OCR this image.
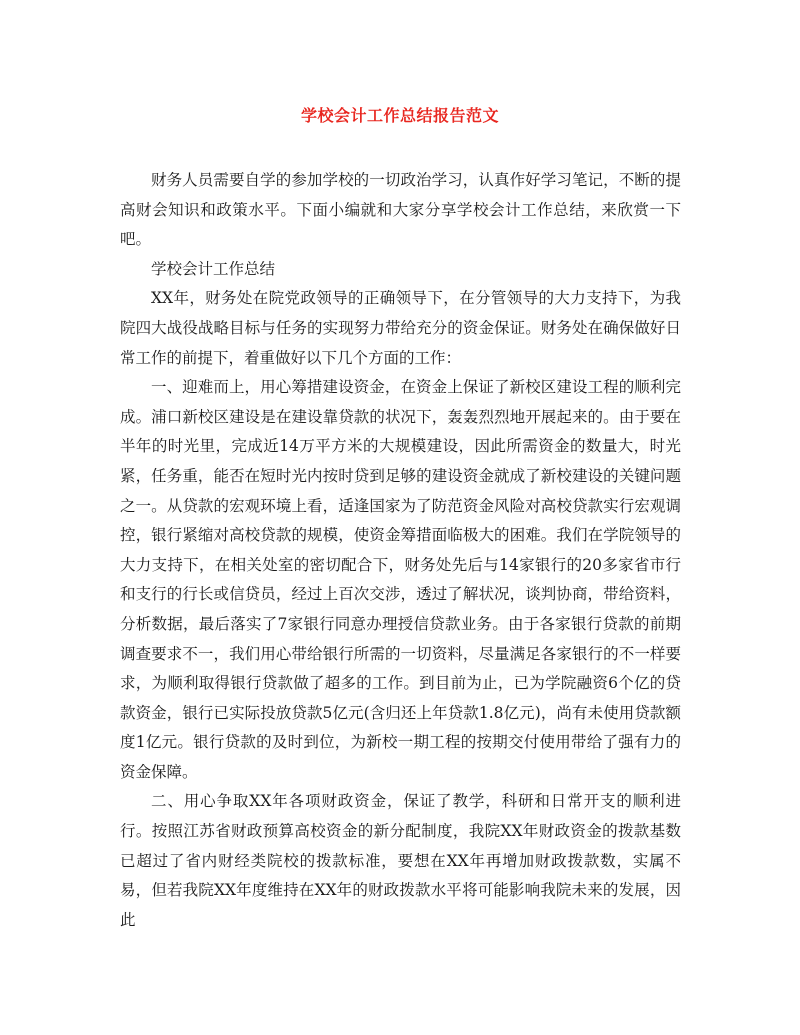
学校会计工作总结报告范文

财务人员需要自学的参加学校的一切政治学习，认真作好学习笔记，不断的提高财会知识和政策水平。下面小编就和大家分享学校会计工作总结，来欣赏一下吧。

学校会计工作总结

XX年，财务处在院党政领导的正确领导下，在分管领导的大力支持下，为我院四大战役战略目标与任务的实现努力带给充分的资金保证。财务处在确保做好日常工作的前提下，着重做好以下几个方面的工作：

一、迎难而上，用心筹措建设资金，在资金上保证了新校区建设工程的顺利完成。浦口新校区建设是在建设靠贷款的状况下，轰轰烈烈地开展起来的。由于要在半年的时光里，完成近14万平方米的大规模建设，因此所需资金的数量大，时光紧，任务重，能否在短时光内按时贷到足够的建设资金就成了新校建设的关键问题之一。从贷款的宏观环境上看，适逢国家为了防范资金风险对高校贷款实行宏观调控，银行紧缩对高校贷款的规模，使资金筹措面临极大的困难。我们在学院领导的大力支持下，在相关处室的密切配合下，财务处先后与14家银行的20多家省市行和支行的行长或信贷员，经过上百次交涉，透过了解状况，谈判协商，带给资料，分析数据，最后落实了7家银行同意办理授信贷款业务。由于各家银行贷款的前期调查要求不一，我们用心带给银行所需的一切资料，尽量满足各家银行的不一样要求，为顺利取得银行贷款做了超多的工作。到目前为止，已为学院融资6个亿的贷款资金，银行已实际投放贷款5亿元(含归还上年贷款1.8亿元)，尚有未使用贷款额度1亿元。银行贷款的及时到位，为新校一期工程的按期交付使用带给了强有力的资金保障。

二、用心争取XX年各项财政资金，保证了教学，科研和日常开支的顺利进行。按照江苏省财政预算高校资金的新分配制度，我院XX年财政资金的拨款基数已超过了省内财经类院校的拨款标准，要想在XX年再增加财政拨款数，实属不易，但若我院XX年度维持在XX年的财政拨款水平将可能影响我院未来的发展，因此
